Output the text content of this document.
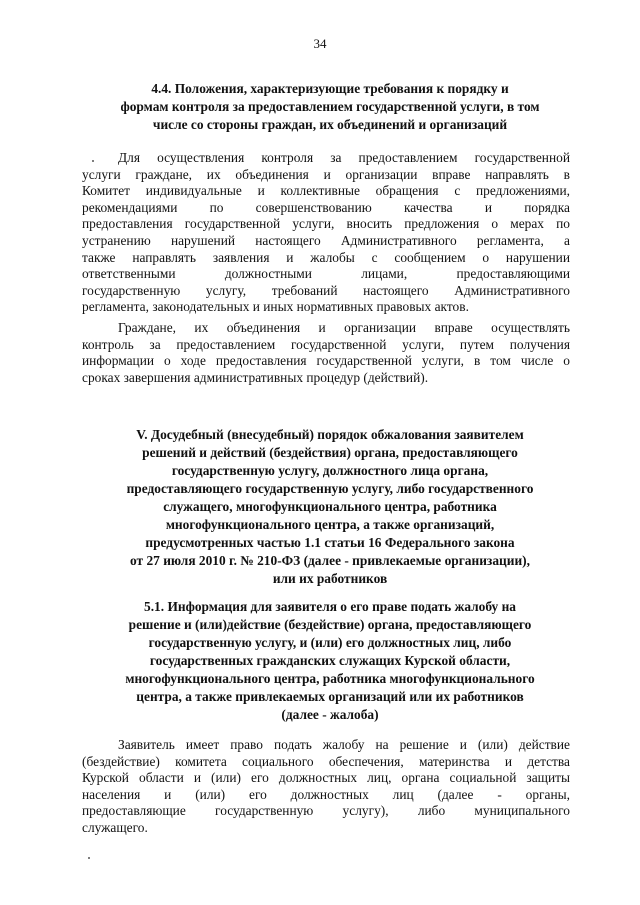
34
4.4. Положения, характеризующие требования к порядку и
формам контроля за предоставлением государственной услуги, в том
числе со стороны граждан, их объединений и организаций

Для осуществления контроля за предоставлением государственной
услуги граждане, их объединения и организации вправе направлять в
Комитет индивидуальные и коллективные обращения с предложениями,
рекомендациями по совершенствованию качества и порядка
предоставления государственной услуги, вносить предложения о мерах по
устранению нарушений настоящего Административного регламента, а
также направлять заявления и жалобы с сообщением о нарушении
ответственными должностными лицами, предоставляющими
государственную услугу, требований настоящего Административного
регламента, законодательных и иных нормативных правовых актов.

Граждане, их объединения и организации вправе осуществлять
контроль за предоставлением государственной услуги, путем получения
информации о ходе предоставления государственной услуги, в том числе о
сроках завершения административных процедур (действий).

V. Досудебный (внесудебный) порядок обжалования заявителем
решений и действий (бездействия) органа, предоставляющего
государственную услугу, должностного лица органа,
предоставляющего государственную услугу, либо государственного
служащего, многофункционального центра, работника
многофункционального центра, а также организаций,
предусмотренных частью 1.1 статьи 16 Федерального закона
от 27 июля 2010 г. № 210-ФЗ (далее - привлекаемые организации),
или их работников
5.1. Информация для заявителя о его праве подать жалобу на
решение и (или)действие (бездействие) органа, предоставляющего
государственную услугу, и (или) его должностных лиц, либо
государственных гражданских служащих Курской области,
многофункционального центра, работника многофункционального
центра, а также привлекаемых организаций или их работников
(далее - жалоба)

Заявитель имеет право подать жалобу на решение и (или) действие
(бездействие) комитета социального обеспечения, материнства и детства
Курской области и (или) его должностных лиц, органа социальной защиты
населения и (или) его должностных лиц (далее - органы,
предоставляющие государственную услугу), либо муниципального
служащего.
